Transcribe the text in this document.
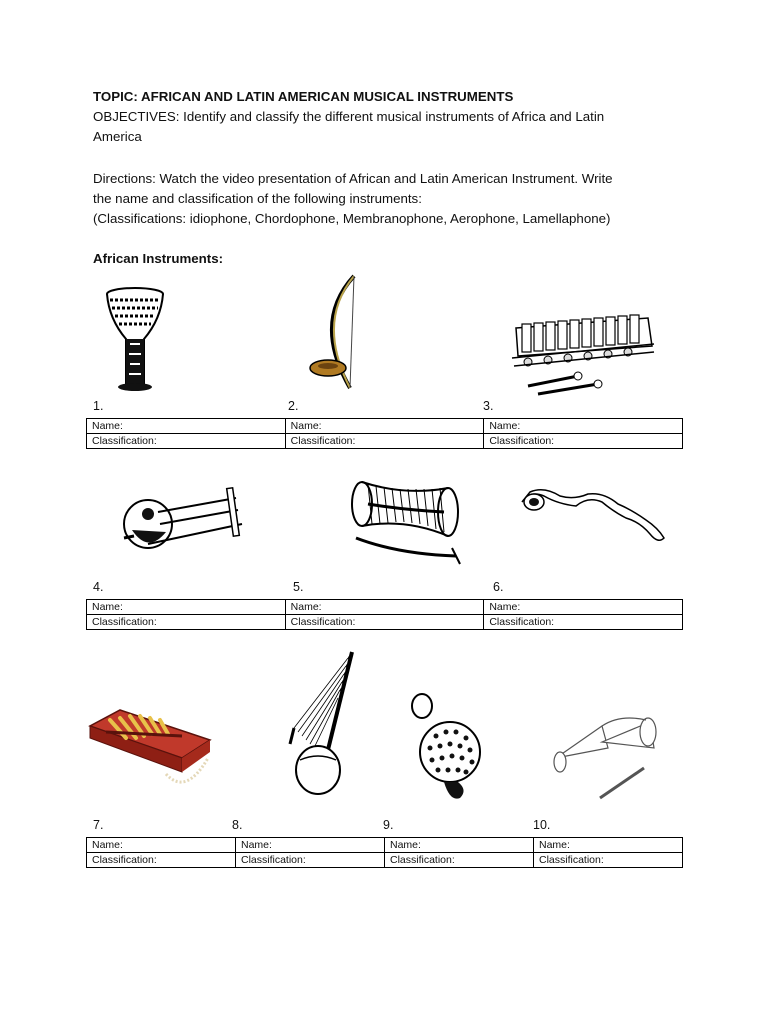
TOPIC: AFRICAN AND LATIN AMERICAN MUSICAL INSTRUMENTS
OBJECTIVES: Identify and classify the different musical instruments of Africa and Latin
America
Directions: Watch the video presentation of African and Latin American Instrument. Write
the name and classification of the following instruments:
(Classifications: idiophone, Chordophone, Membranophone, Aerophone, Lamellaphone)
African Instruments:
1.	2.	3.
Name:	Name:	Name:
Classification:	Classification:	Classification:
4.	5.	6.
Name:	Name:	Name:
Classification:	Classification:	Classification:
7.	8.	9.	10.
Name:	Name:	Name:	Name:
Classification:	Classification:	Classification:	Classification:
